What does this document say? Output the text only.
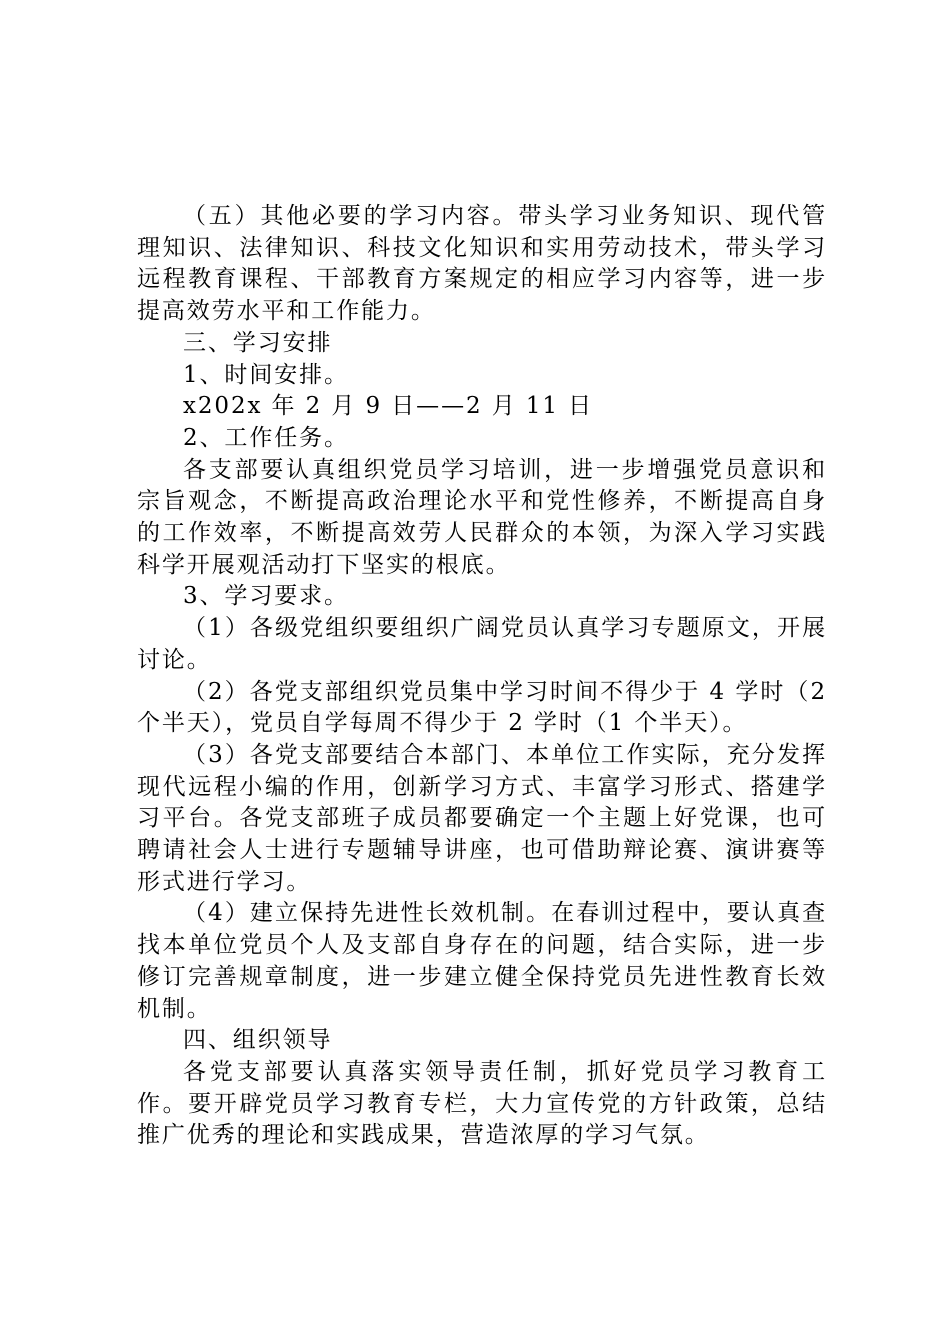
（五）其他必要的学习内容。带头学习业务知识、现代管理知识、法律知识、科技文化知识和实用劳动技术，带头学习远程教育课程、干部教育方案规定的相应学习内容等，进一步提高效劳水平和工作能力。

三、学习安排

1、时间安排。

x202x 年 2 月 9 日——2 月 11 日

2、工作任务。

各支部要认真组织党员学习培训，进一步增强党员意识和宗旨观念，不断提高政治理论水平和党性修养，不断提高自身的工作效率，不断提高效劳人民群众的本领，为深入学习实践科学开展观活动打下坚实的根底。

3、学习要求。

（1）各级党组织要组织广阔党员认真学习专题原文，开展讨论。

（2）各党支部组织党员集中学习时间不得少于 4 学时（2 个半天），党员自学每周不得少于 2 学时（1 个半天）。

（3）各党支部要结合本部门、本单位工作实际，充分发挥现代远程小编的作用，创新学习方式、丰富学习形式、搭建学习平台。各党支部班子成员都要确定一个主题上好党课，也可聘请社会人士进行专题辅导讲座，也可借助辩论赛、演讲赛等形式进行学习。

（4）建立保持先进性长效机制。在春训过程中，要认真查找本单位党员个人及支部自身存在的问题，结合实际，进一步修订完善规章制度，进一步建立健全保持党员先进性教育长效机制。

四、组织领导

各党支部要认真落实领导责任制，抓好党员学习教育工作。要开辟党员学习教育专栏，大力宣传党的方针政策，总结推广优秀的理论和实践成果，营造浓厚的学习气氛。
